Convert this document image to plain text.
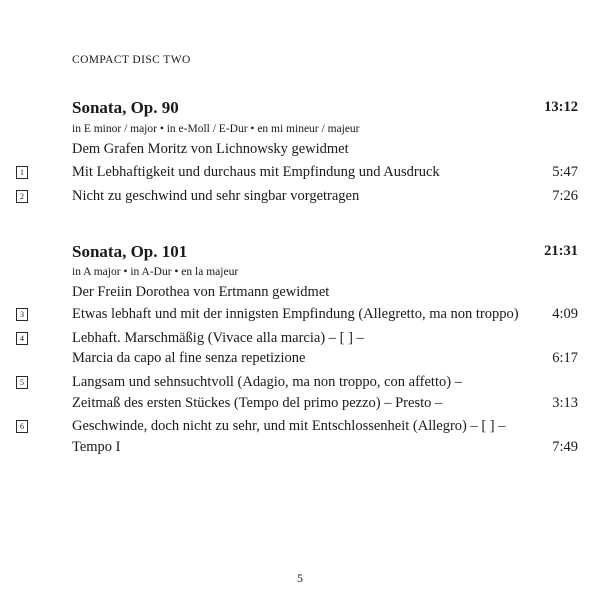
COMPACT DISC TWO
Sonata, Op. 90	13:12
in E minor / major • in e-Moll / E-Dur • en mi mineur / majeur
Dem Grafen Moritz von Lichnowsky gewidmet
1	Mit Lebhaftigkeit und durchaus mit Empfindung und Ausdruck	5:47
2	Nicht zu geschwind und sehr singbar vorgetragen	7:26
Sonata, Op. 101	21:31
in A major • in A-Dur • en la majeur
Der Freiin Dorothea von Ertmann gewidmet
3	Etwas lebhaft und mit der innigsten Empfindung (Allegretto, ma non troppo) 4:09
4	Lebhaft. Marschmäßig (Vivace alla marcia) – [ ] –
Marcia da capo al fine senza repetizione	6:17
5	Langsam und sehnsuchtvoll (Adagio, ma non troppo, con affetto) –
Zeitmaß des ersten Stückes (Tempo del primo pezzo) – Presto –	3:13
6	Geschwinde, doch nicht zu sehr, und mit Entschlossenheit (Allegro) – [ ] –
Tempo I	7:49
5
